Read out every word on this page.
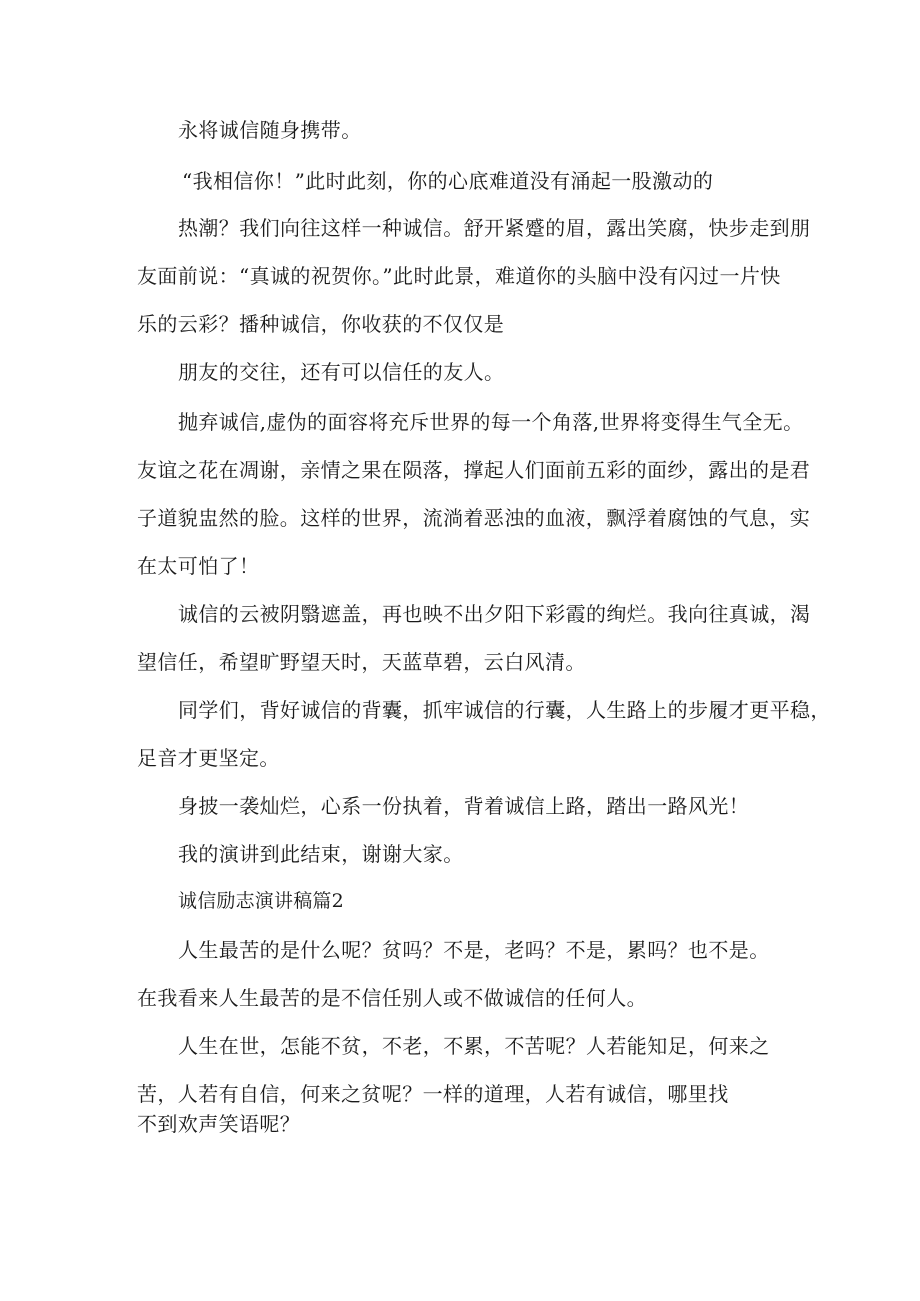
永将诚信随身携带。
“我相信你！”此时此刻，你的心底难道没有涌起一股激动的
热潮？我们向往这样一种诚信。舒开紧蹙的眉，露出笑腐，快步走到朋
友面前说：“真诚的祝贺你。”此时此景，难道你的头脑中没有闪过一片快
乐的云彩？播种诚信，你收获的不仅仅是
朋友的交往，还有可以信任的友人。
抛弃诚信,虚伪的面容将充斥世界的每一个角落,世界将变得生气全无。
友谊之花在凋谢，亲情之果在陨落，撑起人们面前五彩的面纱，露出的是君
子道貌盅然的脸。这样的世界，流淌着恶浊的血液，飘浮着腐蚀的气息，实
在太可怕了！
诚信的云被阴翳遮盖，再也映不出夕阳下彩霞的绚烂。我向往真诚，渴
望信任，希望旷野望天时，天蓝草碧，云白风清。
同学们，背好诚信的背囊，抓牢诚信的行囊，人生路上的步履才更平稳，
足音才更坚定。
身披一袭灿烂，心系一份执着，背着诚信上路，踏出一路风光！
我的演讲到此结束，谢谢大家。
诚信励志演讲稿篇2
人生最苦的是什么呢？贫吗？不是，老吗？不是，累吗？也不是。
在我看来人生最苦的是不信任别人或不做诚信的任何人。
人生在世，怎能不贫，不老，不累，不苦呢？人若能知足，何来之
苦，人若有自信，何来之贫呢？一样的道理，人若有诚信，哪里找
不到欢声笑语呢？
